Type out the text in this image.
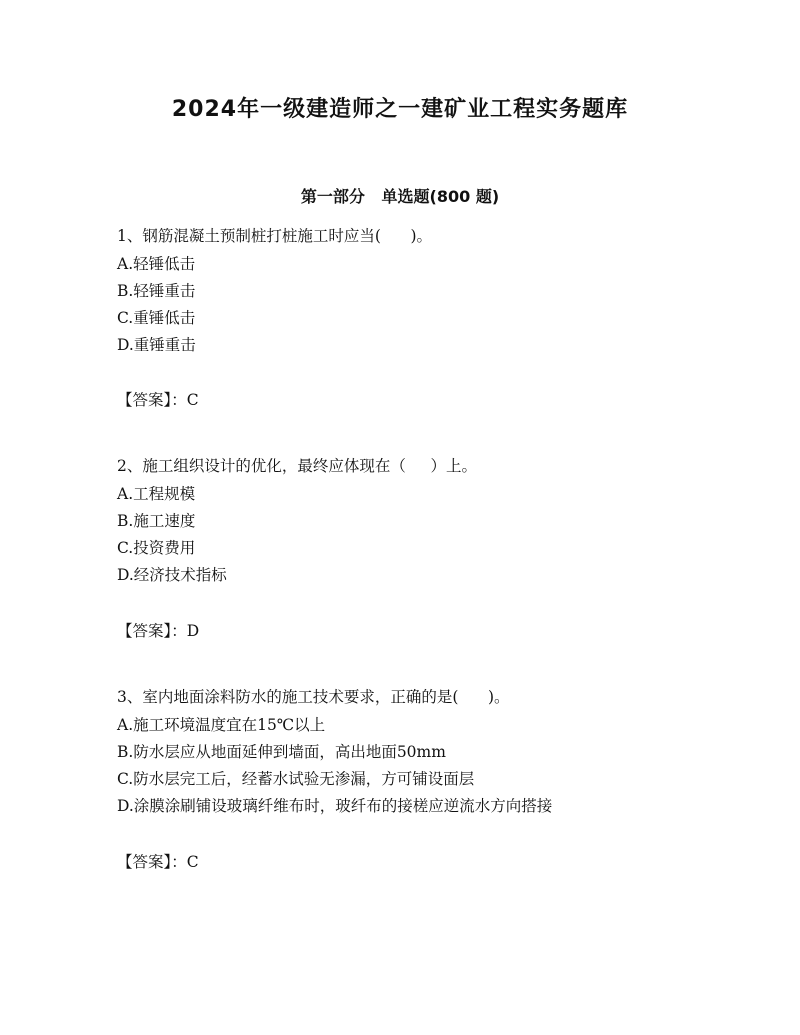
2024年一级建造师之一建矿业工程实务题库
第一部分   单选题(800 题)
1、钢筋混凝土预制桩打桩施工时应当(      )。
A.轻锤低击
B.轻锤重击
C.重锤低击
D.重锤重击
【答案】：C
2、施工组织设计的优化，最终应体现在（     ）上。
A.工程规模
B.施工速度
C.投资费用
D.经济技术指标
【答案】：D
3、室内地面涂料防水的施工技术要求，正确的是(      )。
A.施工环境温度宜在15℃以上
B.防水层应从地面延伸到墙面，高出地面50mm
C.防水层完工后，经蓄水试验无渗漏，方可铺设面层
D.涂膜涂刷铺设玻璃纤维布时，玻纤布的接槎应逆流水方向搭接
【答案】：C
